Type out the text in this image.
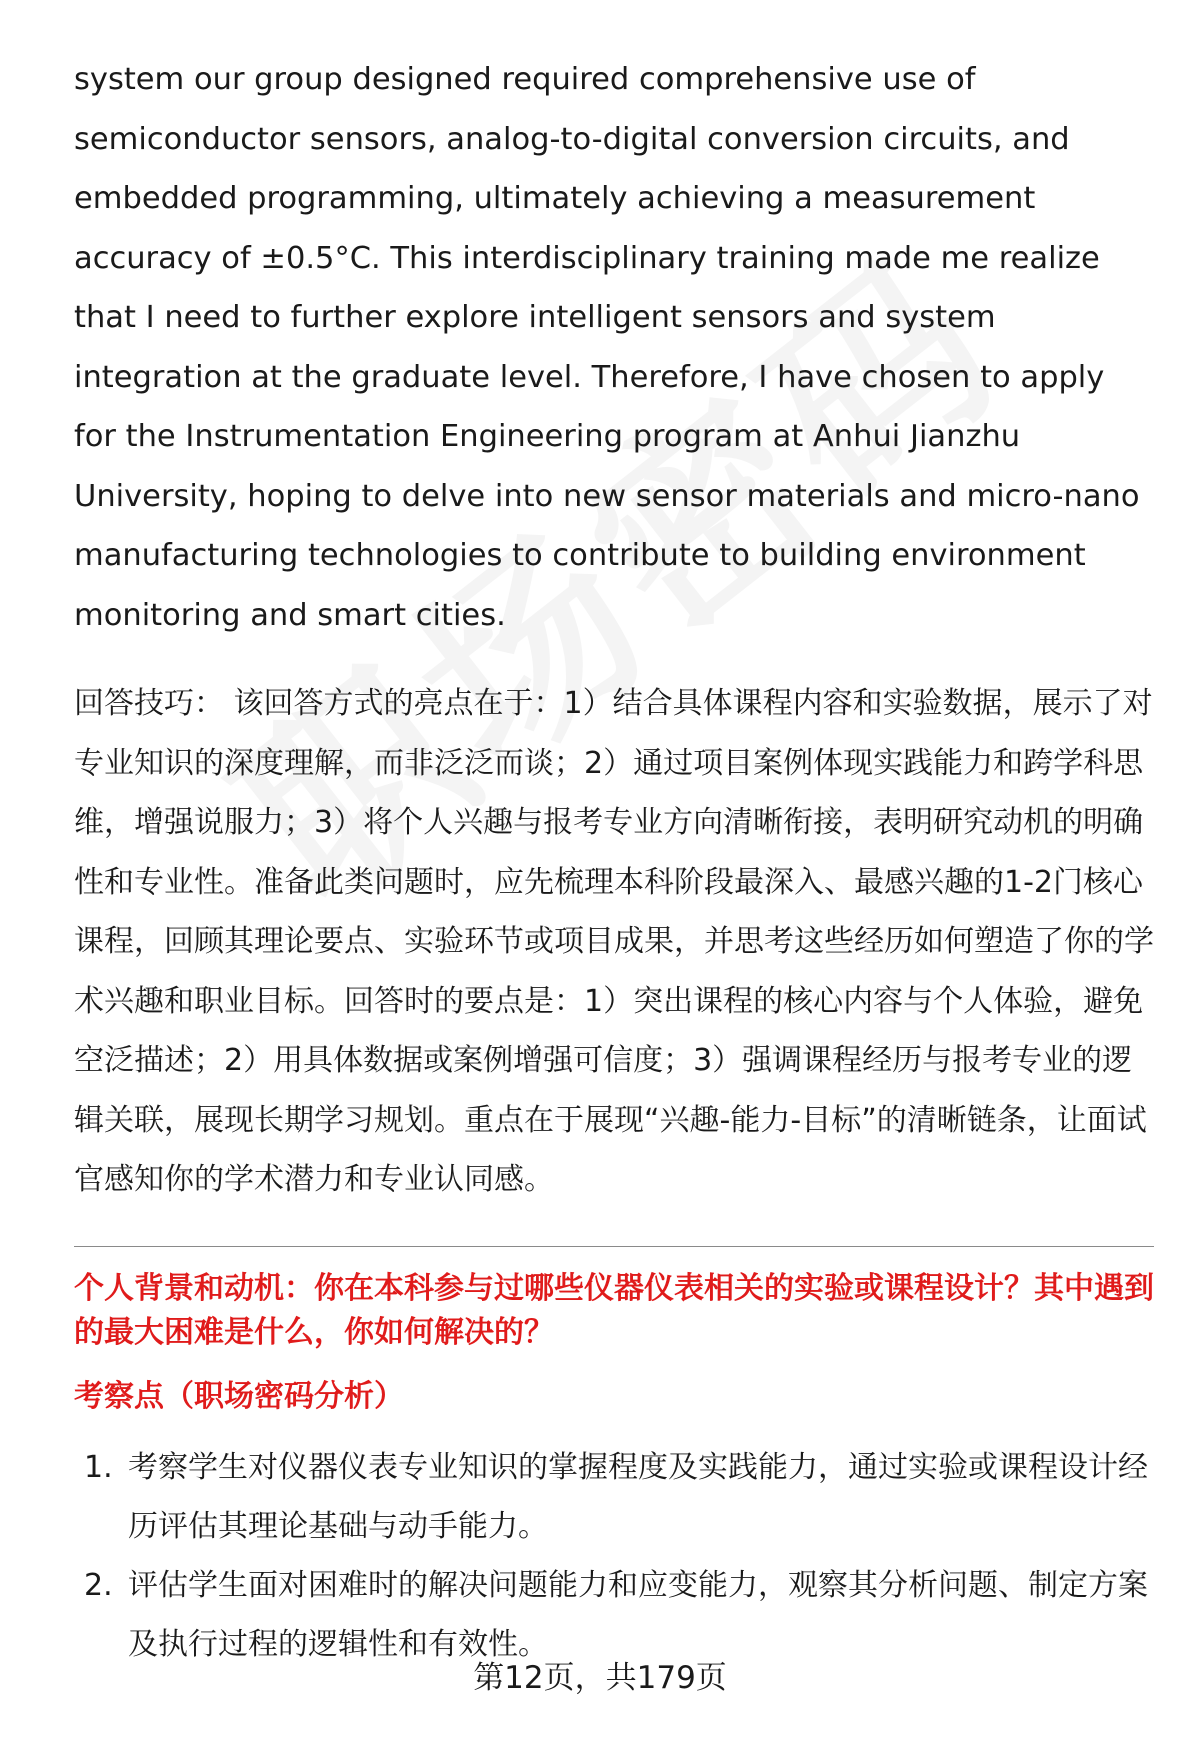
system our group designed required comprehensive use of semiconductor sensors, analog-to-digital conversion circuits, and embedded programming, ultimately achieving a measurement accuracy of ±0.5°C. This interdisciplinary training made me realize that I need to further explore intelligent sensors and system integration at the graduate level. Therefore, I have chosen to apply for the Instrumentation Engineering program at Anhui Jianzhu University, hoping to delve into new sensor materials and micro-nano manufacturing technologies to contribute to building environment monitoring and smart cities.

回答技巧： 该回答方式的亮点在于：1）结合具体课程内容和实验数据，展示了对专业知识的深度理解，而非泛泛而谈；2）通过项目案例体现实践能力和跨学科思维，增强说服力；3）将个人兴趣与报考专业方向清晰衔接，表明研究动机的明确性和专业性。准备此类问题时，应先梳理本科阶段最深入、最感兴趣的1-2门核心课程，回顾其理论要点、实验环节或项目成果，并思考这些经历如何塑造了你的学术兴趣和职业目标。回答时的要点是：1）突出课程的核心内容与个人体验，避免空泛描述；2）用具体数据或案例增强可信度；3）强调课程经历与报考专业的逻辑关联，展现长期学习规划。重点在于展现“兴趣-能力-目标”的清晰链条，让面试官感知你的学术潜力和专业认同感。

个人背景和动机：你在本科参与过哪些仪器仪表相关的实验或课程设计？其中遇到的最大困难是什么，你如何解决的？
考察点（职场密码分析）
1. 考察学生对仪器仪表专业知识的掌握程度及实践能力，通过实验或课程设计经历评估其理论基础与动手能力。
2. 评估学生面对困难时的解决问题能力和应变能力，观察其分析问题、制定方案及执行过程的逻辑性和有效性。
第12页，共179页
